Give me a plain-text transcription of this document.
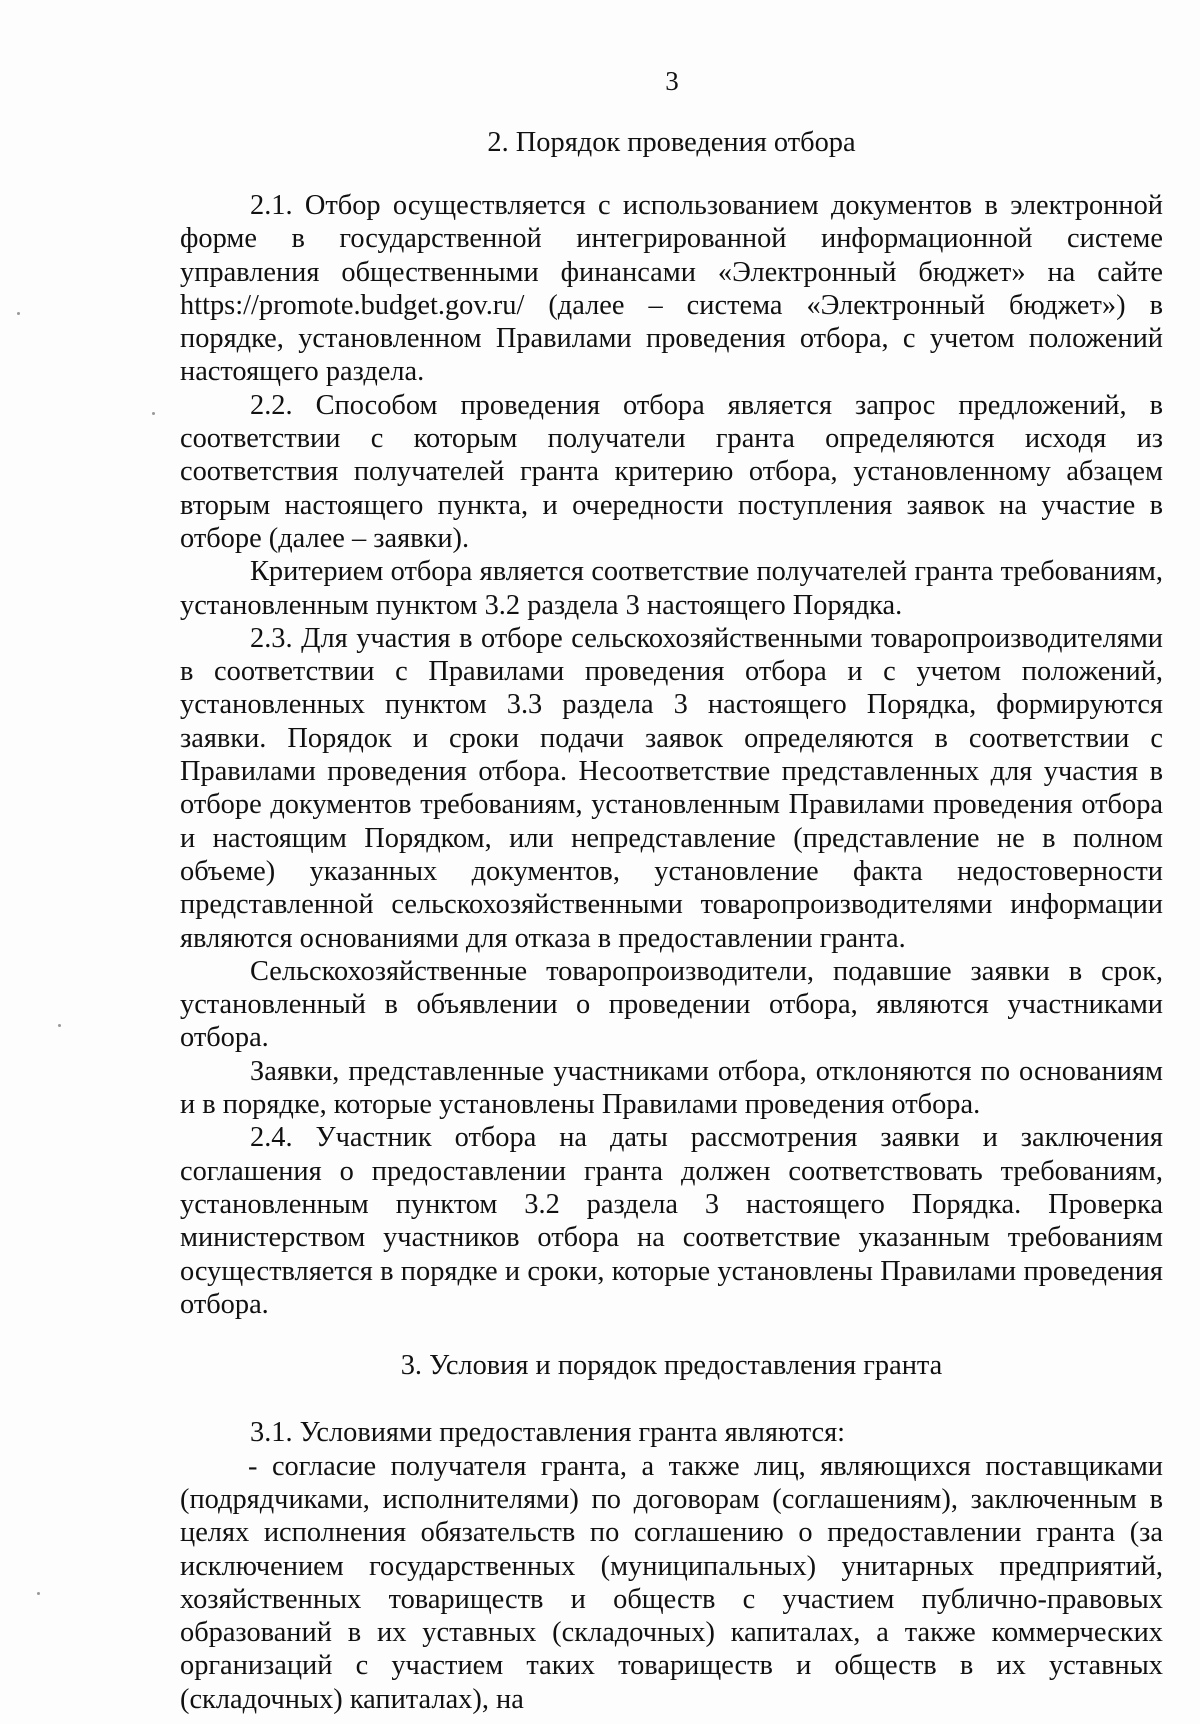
3
2. Порядок проведения отбора

2.1. Отбор осуществляется с использованием документов в электронной форме в государственной интегрированной информационной системе управления общественными финансами «Электронный бюджет» на сайте https://promote.budget.gov.ru/ (далее – система «Электронный бюджет») в порядке, установленном Правилами проведения отбора, с учетом положений настоящего раздела.

2.2. Способом проведения отбора является запрос предложений, в соответствии с которым получатели гранта определяются исходя из соответствия получателей гранта критерию отбора, установленному абзацем вторым настоящего пункта, и очередности поступления заявок на участие в отборе (далее – заявки).

Критерием отбора является соответствие получателей гранта требованиям, установленным пунктом 3.2 раздела 3 настоящего Порядка.

2.3. Для участия в отборе сельскохозяйственными товаропроизводителями в соответствии с Правилами проведения отбора и с учетом положений, установленных пунктом 3.3 раздела 3 настоящего Порядка, формируются заявки. Порядок и сроки подачи заявок определяются в соответствии с Правилами проведения отбора. Несоответствие представленных для участия в отборе документов требованиям, установленным Правилами проведения отбора и настоящим Порядком, или непредставление (представление не в полном объеме) указанных документов, установление факта недостоверности представленной сельскохозяйственными товаропроизводителями информации являются основаниями для отказа в предоставлении гранта.

Сельскохозяйственные товаропроизводители, подавшие заявки в срок, установленный в объявлении о проведении отбора, являются участниками отбора.

Заявки, представленные участниками отбора, отклоняются по основаниям и в порядке, которые установлены Правилами проведения отбора.

2.4. Участник отбора на даты рассмотрения заявки и заключения соглашения о предоставлении гранта должен соответствовать требованиям, установленным пунктом 3.2 раздела 3 настоящего Порядка. Проверка министерством участников отбора на соответствие указанным требованиям осуществляется в порядке и сроки, которые установлены Правилами проведения отбора.

3. Условия и порядок предоставления гранта

3.1. Условиями предоставления гранта являются:

- согласие получателя гранта, а также лиц, являющихся поставщиками (подрядчиками, исполнителями) по договорам (соглашениям), заключенным в целях исполнения обязательств по соглашению о предоставлении гранта (за исключением государственных (муниципальных) унитарных предприятий, хозяйственных товариществ и обществ с участием публично-правовых образований в их уставных (складочных) капиталах, а также коммерческих организаций с участием таких товариществ и обществ в их уставных (складочных) капиталах), на
